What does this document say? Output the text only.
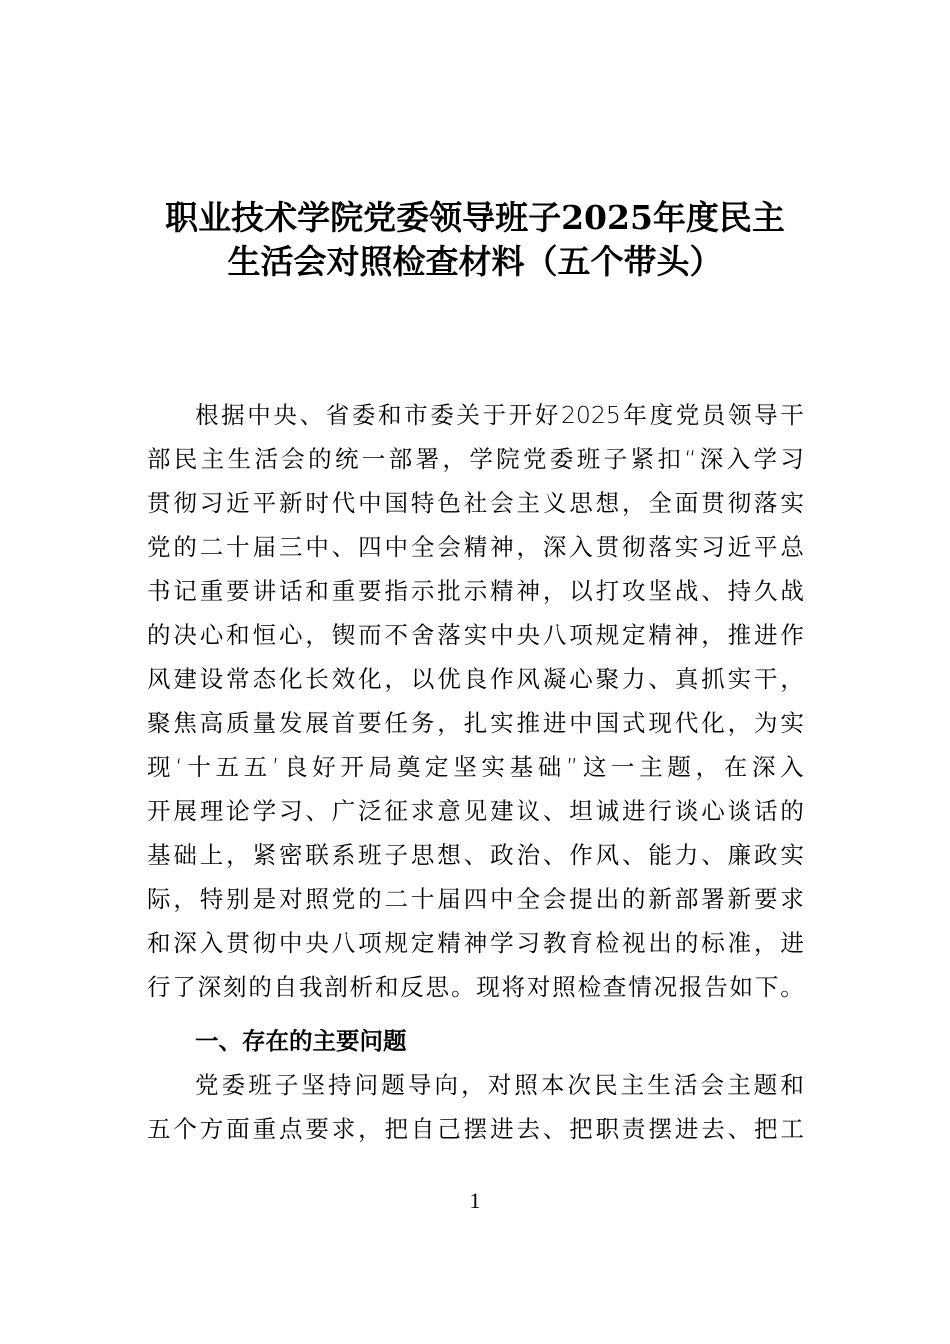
职业技术学院党委领导班子2025年度民主
生活会对照检查材料（五个带头）
根 据 中 央 、 省 委 和 市 委 关 于 开 好 2025 年 度 党 员 领 导 干
部 民 主 生 活 会 的 统 一 部 署 ， 学 院 党 委 班 子 紧 扣 “ 深 入 学 习
贯 彻 习 近 平 新 时 代 中 国 特 色 社 会 主 义 思 想 ， 全 面 贯 彻 落 实
党 的 二 十 届 三 中 、 四 中 全 会 精 神 ， 深 入 贯 彻 落 实 习 近 平 总
书 记 重 要 讲 话 和 重 要 指 示 批 示 精 神 ， 以 打 攻 坚 战 、 持 久 战
的 决 心 和 恒 心 ， 锲 而 不 舍 落 实 中 央 八 项 规 定 精 神 ， 推 进 作
风 建 设 常 态 化 长 效 化 ， 以 优 良 作 风 凝 心 聚 力 、 真 抓 实 干 ，
聚 焦 高 质 量 发 展 首 要 任 务 ， 扎 实 推 进 中 国 式 现 代 化 ， 为 实
现 ‘ 十 五 五 ’ 良 好 开 局 奠 定 坚 实 基 础 ” 这 一 主 题 ， 在 深 入
开 展 理 论 学 习 、 广 泛 征 求 意 见 建 议 、 坦 诚 进 行 谈 心 谈 话 的
基 础 上 ， 紧 密 联 系 班 子 思 想 、 政 治 、 作 风 、 能 力 、 廉 政 实
际 ， 特 别 是 对 照 党 的 二 十 届 四 中 全 会 提 出 的 新 部 署 新 要 求
和 深 入 贯 彻 中 央 八 项 规 定 精 神 学 习 教 育 检 视 出 的 标 准 ， 进
行 了 深 刻 的 自 我 剖 析 和 反 思 。 现 将 对 照 检 查 情 况 报 告 如 下 。
一、存在的主要问题
党 委 班 子 坚 持 问 题 导 向 ， 对 照 本 次 民 主 生 活 会 主 题 和
五 个 方 面 重 点 要 求 ， 把 自 己 摆 进 去 、 把 职 责 摆 进 去 、 把 工
1
